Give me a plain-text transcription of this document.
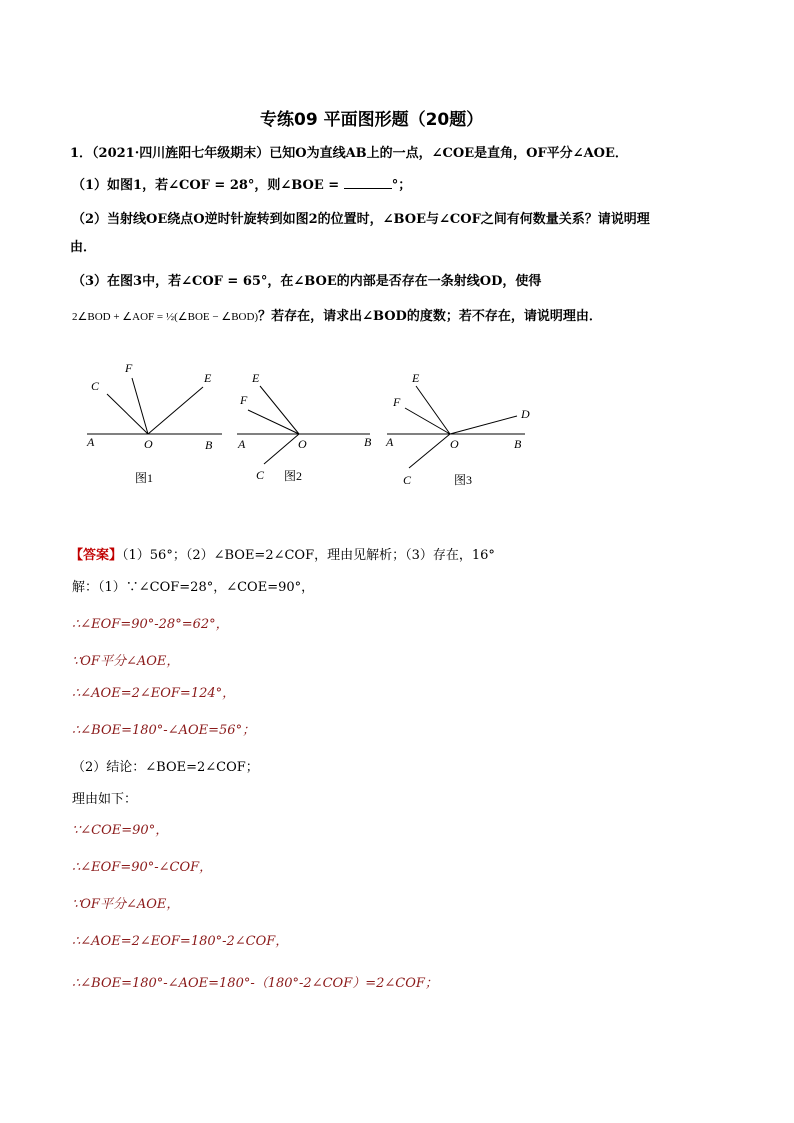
专练09 平面图形题（20题）
1．（2021·四川旌阳七年级期末）已知O为直线AB上的一点，∠COE是直角，OF平分∠AOE．
（1）如图1，若∠COF = 28°，则∠BOE =	°；
（2）当射线OE绕点O逆时针旋转到如图2的位置时，∠BOE与∠COF之间有何数量关系？请说明理
由．
（3）在图3中，若∠COF = 65°，在∠BOE的内部是否存在一条射线OD，使得
2∠BOD + ∠AOF = ½(∠BOE − ∠BOD)？若存在，请求出∠BOD的度数；若不存在，请说明理由．
A	O	B
C
F
E
图1
A	O	B
E
F
C 图2
A	O	B
E
F
D
C	图3
【答案】（1）56°；（2）∠BOE=2∠COF，理由见解析；（3）存在，16°
解：（1）∵∠COF=28°，∠COE=90°，
∴∠EOF=90°-28°=62°，
∵OF平分∠AOE，
∴∠AOE=2∠EOF=124°，
∴∠BOE=180°-∠AOE=56°；
（2）结论：∠BOE=2∠COF；
理由如下：
∵∠COE=90°，
∴∠EOF=90°-∠COF，
∵OF平分∠AOE，
∴∠AOE=2∠EOF=180°-2∠COF，
∴∠BOE=180°-∠AOE=180°-（180°-2∠COF）=2∠COF；
